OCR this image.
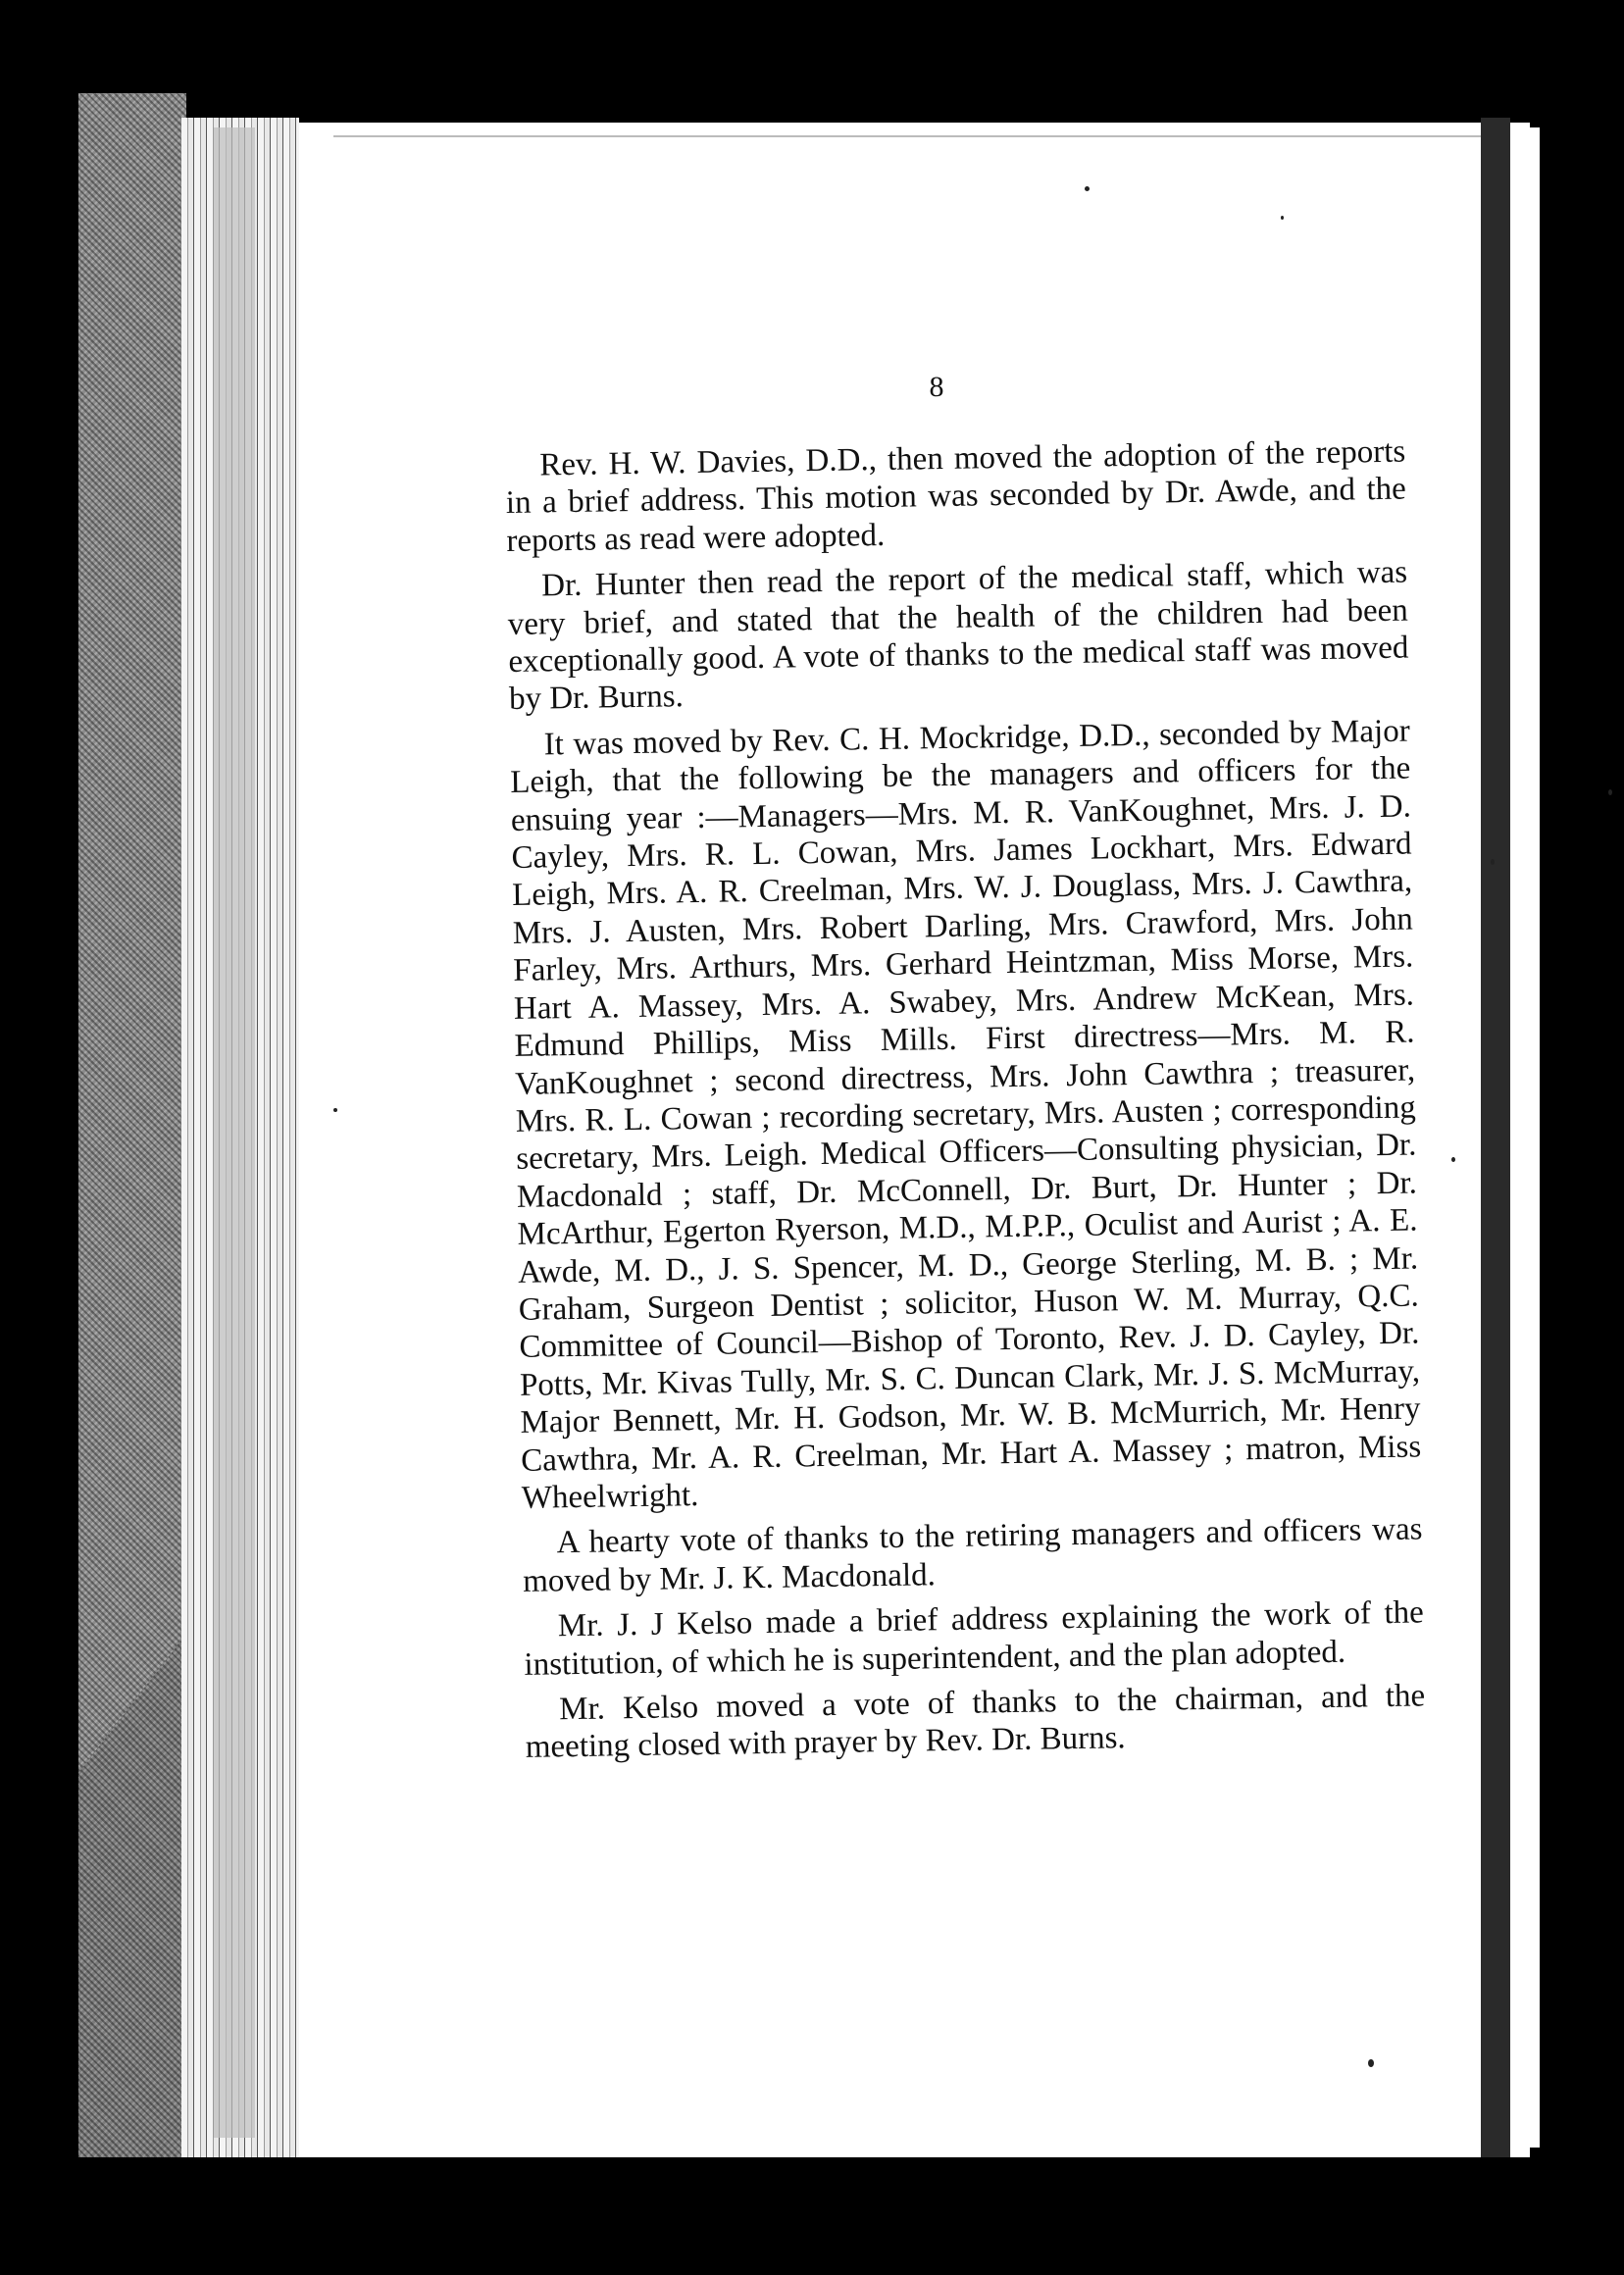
8

Rev. H. W. Davies, D.D., then moved the adoption of the reports in a brief address. This motion was seconded by Dr. Awde, and the reports as read were adopted.

Dr. Hunter then read the report of the medical staff, which was very brief, and stated that the health of the children had been exceptionally good. A vote of thanks to the medical staff was moved by Dr. Burns.

It was moved by Rev. C. H. Mockridge, D.D., seconded by Major Leigh, that the following be the managers and officers for the ensuing year :—Managers—Mrs. M. R. VanKoughnet, Mrs. J. D. Cayley, Mrs. R. L. Cowan, Mrs. James Lockhart, Mrs. Edward Leigh, Mrs. A. R. Creelman, Mrs. W. J. Douglass, Mrs. J. Cawthra, Mrs. J. Austen, Mrs. Robert Darling, Mrs. Crawford, Mrs. John Farley, Mrs. Arthurs, Mrs. Gerhard Heintzman, Miss Morse, Mrs. Hart A. Massey, Mrs. A. Swabey, Mrs. Andrew McKean, Mrs. Edmund Phillips, Miss Mills. First directress—Mrs. M. R. VanKoughnet ; second directress, Mrs. John Cawthra ; treasurer, Mrs. R. L. Cowan ; recording secretary, Mrs. Austen ; corresponding secretary, Mrs. Leigh. Medical Officers—Consulting physician, Dr. Macdonald ; staff, Dr. McConnell, Dr. Burt, Dr. Hunter ; Dr. McArthur, Egerton Ryerson, M.D., M.P.P., Oculist and Aurist ; A. E. Awde, M. D., J. S. Spencer, M. D., George Sterling, M. B. ; Mr. Graham, Surgeon Dentist ; solicitor, Huson W. M. Murray, Q.C. Committee of Council—Bishop of Toronto, Rev. J. D. Cayley, Dr. Potts, Mr. Kivas Tully, Mr. S. C. Duncan Clark, Mr. J. S. McMurray, Major Bennett, Mr. H. Godson, Mr. W. B. McMurrich, Mr. Henry Cawthra, Mr. A. R. Creelman, Mr. Hart A. Massey ; matron, Miss Wheelwright.

A hearty vote of thanks to the retiring managers and officers was moved by Mr. J. K. Macdonald.

Mr. J. J Kelso made a brief address explaining the work of the institution, of which he is superintendent, and the plan adopted.

Mr. Kelso moved a vote of thanks to the chairman, and the meeting closed with prayer by Rev. Dr. Burns.
